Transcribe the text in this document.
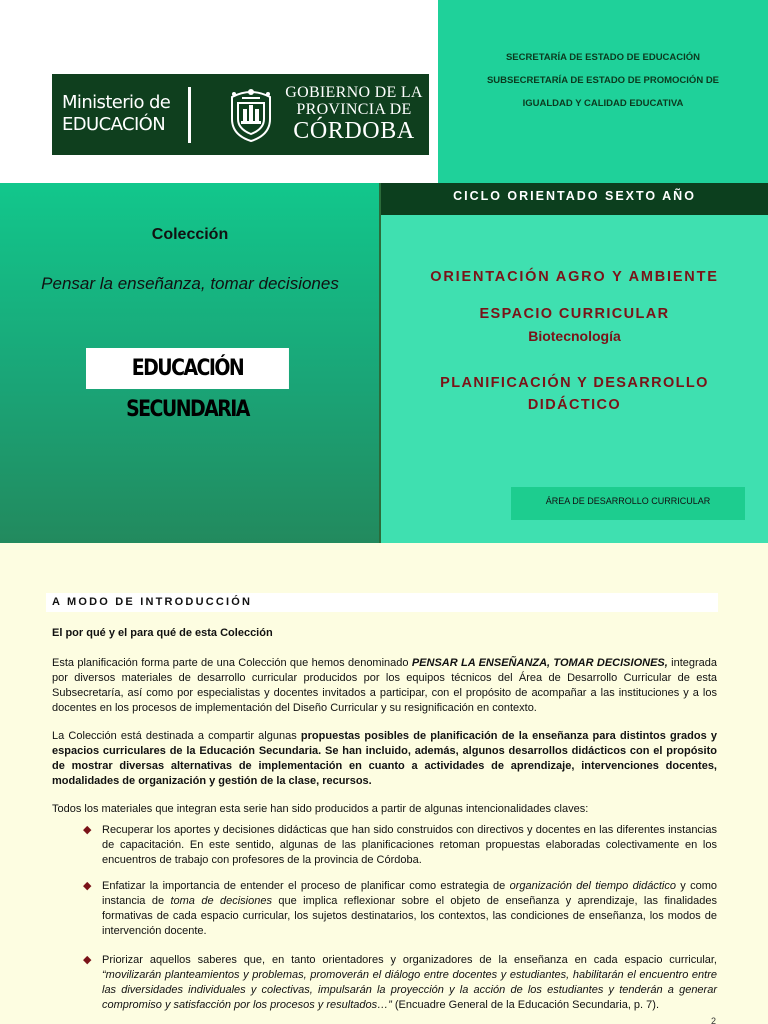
Ministerio de
EDUCACIÓN
GOBIERNO DE LA
PROVINCIA DE
CÓRDOBA
SECRETARÍA DE ESTADO DE EDUCACIÓN
SUBSECRETARÍA DE ESTADO DE PROMOCIÓN DE
IGUALDAD Y CALIDAD EDUCATIVA
Colección
Pensar la enseñanza, tomar decisiones
EDUCACIÓN SECUNDARIA
CICLO ORIENTADO SEXTO AÑO
ORIENTACIÓN AGRO Y AMBIENTE
ESPACIO CURRICULAR
Biotecnología
PLANIFICACIÓN Y DESARROLLO DIDÁCTICO
ÁREA DE DESARROLLO CURRICULAR
A MODO DE INTRODUCCIÓN
El por qué y el para qué de esta Colección
Esta planificación forma parte de una Colección que hemos denominado PENSAR LA ENSEÑANZA, TOMAR DECISIONES, integrada por diversos materiales de desarrollo curricular producidos por los equipos técnicos del Área de Desarrollo Curricular de esta Subsecretaría, así como por especialistas y docentes invitados a participar, con el propósito de acompañar a las instituciones y a los docentes en los procesos de implementación del Diseño Curricular y su resignificación en contexto.
La Colección está destinada a compartir algunas propuestas posibles de planificación de la enseñanza para distintos grados y espacios curriculares de la Educación Secundaria. Se han incluido, además, algunos desarrollos didácticos con el propósito de mostrar diversas alternativas de implementación en cuanto a actividades de aprendizaje, intervenciones docentes, modalidades de organización y gestión de la clase, recursos.
Todos los materiales que integran esta serie han sido producidos a partir de algunas intencionalidades claves:
◆ Recuperar los aportes y decisiones didácticas que han sido construidos con directivos y docentes en las diferentes instancias de capacitación. En este sentido, algunas de las planificaciones retoman propuestas elaboradas colectivamente en los encuentros de trabajo con profesores de la provincia de Córdoba.
◆ Enfatizar la importancia de entender el proceso de planificar como estrategia de organización del tiempo didáctico y como instancia de toma de decisiones que implica reflexionar sobre el objeto de enseñanza y aprendizaje, las finalidades formativas de cada espacio curricular, los sujetos destinatarios, los contextos, las condiciones de enseñanza, los modos de intervención docente.
◆ Priorizar aquellos saberes que, en tanto orientadores y organizadores de la enseñanza en cada espacio curricular, “movilizarán planteamientos y problemas, promoverán el diálogo entre docentes y estudiantes, habilitarán el encuentro entre las diversidades individuales y colectivas, impulsarán la proyección y la acción de los estudiantes y tenderán a generar compromiso y satisfacción por los procesos y resultados…” (Encuadre General de la Educación Secundaria, p. 7).
2
